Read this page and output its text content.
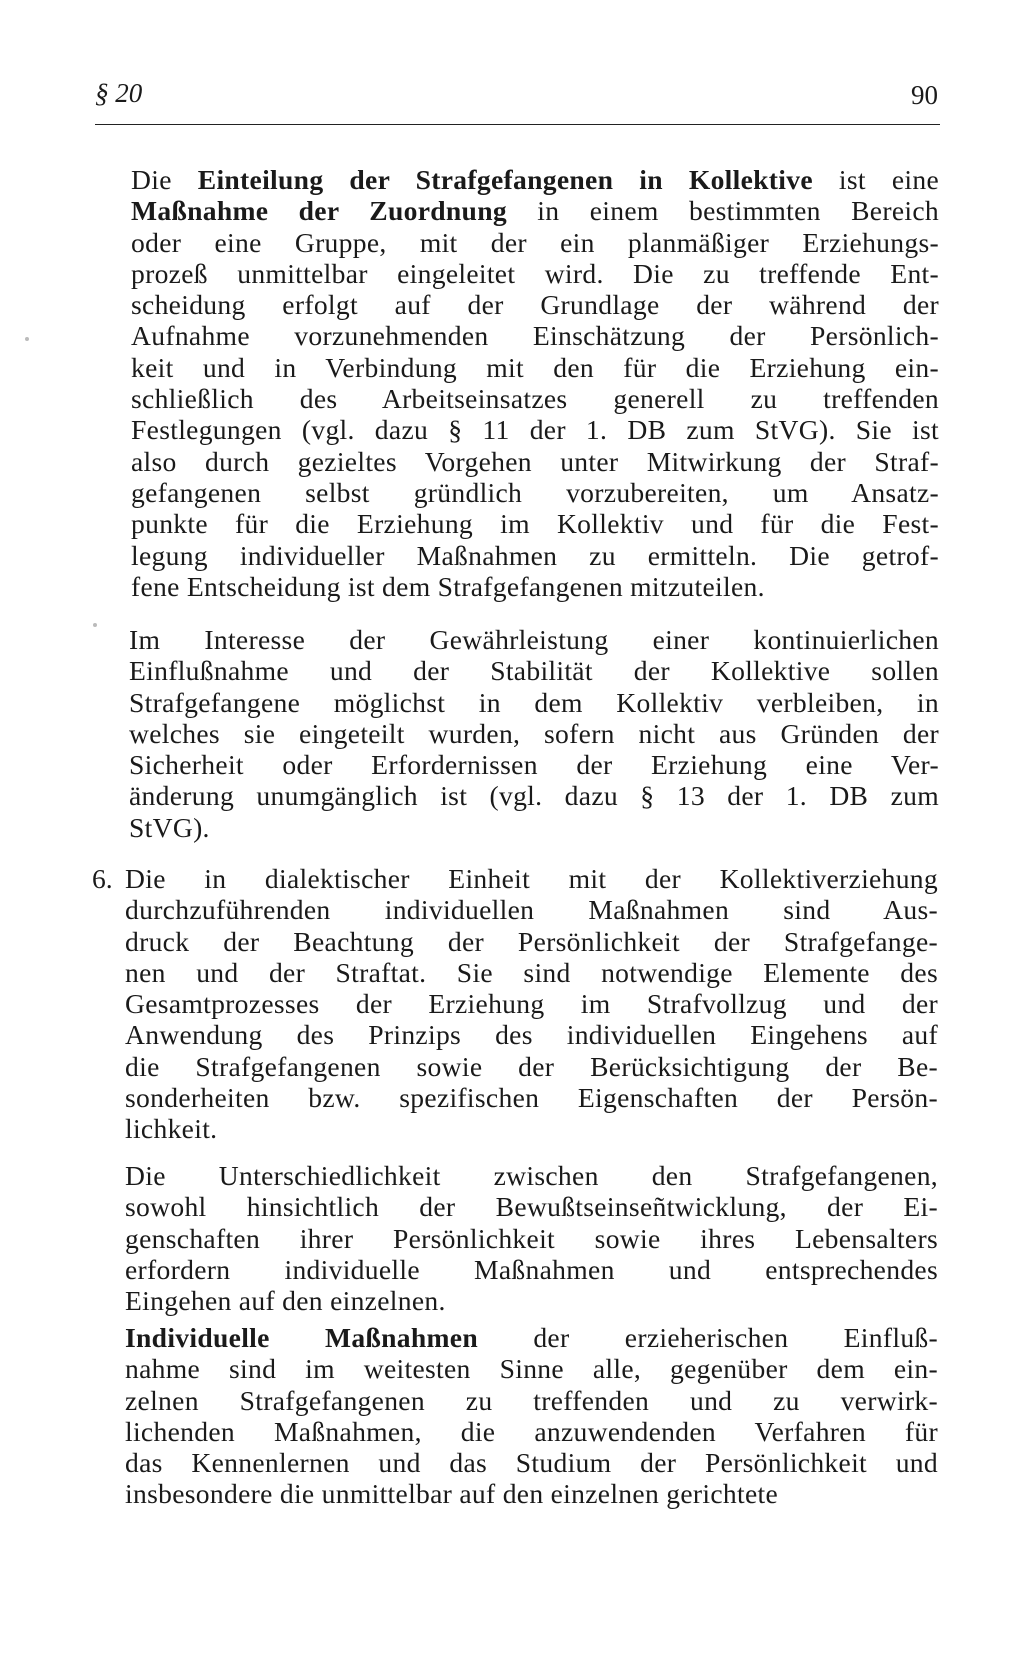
§ 20	90
Die Einteilung der Strafgefangenen in Kollektive ist eine
Maßnahme der Zuordnung in einem bestimmten Bereich
oder eine Gruppe, mit der ein planmäßiger Erziehungs-
prozeß unmittelbar eingeleitet wird. Die zu treffende Ent-
scheidung erfolgt auf der Grundlage der während der
Aufnahme vorzunehmenden Einschätzung der Persönlich-
keit und in Verbindung mit den für die Erziehung ein-
schließlich des Arbeitseinsatzes generell zu treffenden
Festlegungen (vgl. dazu § 11 der 1. DB zum StVG). Sie ist
also durch gezieltes Vorgehen unter Mitwirkung der Straf-
gefangenen selbst gründlich vorzubereiten, um Ansatz-
punkte für die Erziehung im Kollektiv und für die Fest-
legung individueller Maßnahmen zu ermitteln. Die getrof-
fene Entscheidung ist dem Strafgefangenen mitzuteilen.
Im Interesse der Gewährleistung einer kontinuierlichen
Einflußnahme und der Stabilität der Kollektive sollen
Strafgefangene möglichst in dem Kollektiv verbleiben, in
welches sie eingeteilt wurden, sofern nicht aus Gründen der
Sicherheit oder Erfordernissen der Erziehung eine Ver-
änderung unumgänglich ist (vgl. dazu § 13 der 1. DB zum
StVG).
6. Die in dialektischer Einheit mit der Kollektiverziehung
durchzuführenden individuellen Maßnahmen sind Aus-
druck der Beachtung der Persönlichkeit der Strafgefange-
nen und der Straftat. Sie sind notwendige Elemente des
Gesamtprozesses der Erziehung im Strafvollzug und der
Anwendung des Prinzips des individuellen Eingehens auf
die Strafgefangenen sowie der Berücksichtigung der Be-
sonderheiten bzw. spezifischen Eigenschaften der Persön-
lichkeit.
Die Unterschiedlichkeit zwischen den Strafgefangenen,
sowohl hinsichtlich der Bewußtseinseñtwicklung, der Ei-
genschaften ihrer Persönlichkeit sowie ihres Lebensalters
erfordern individuelle Maßnahmen und entsprechendes
Eingehen auf den einzelnen.
Individuelle Maßnahmen der erzieherischen Einfluß-
nahme sind im weitesten Sinne alle, gegenüber dem ein-
zelnen Strafgefangenen zu treffenden und zu verwirk-
lichenden Maßnahmen, die anzuwendenden Verfahren für
das Kennenlernen und das Studium der Persönlichkeit und
insbesondere die unmittelbar auf den einzelnen gerichtete
